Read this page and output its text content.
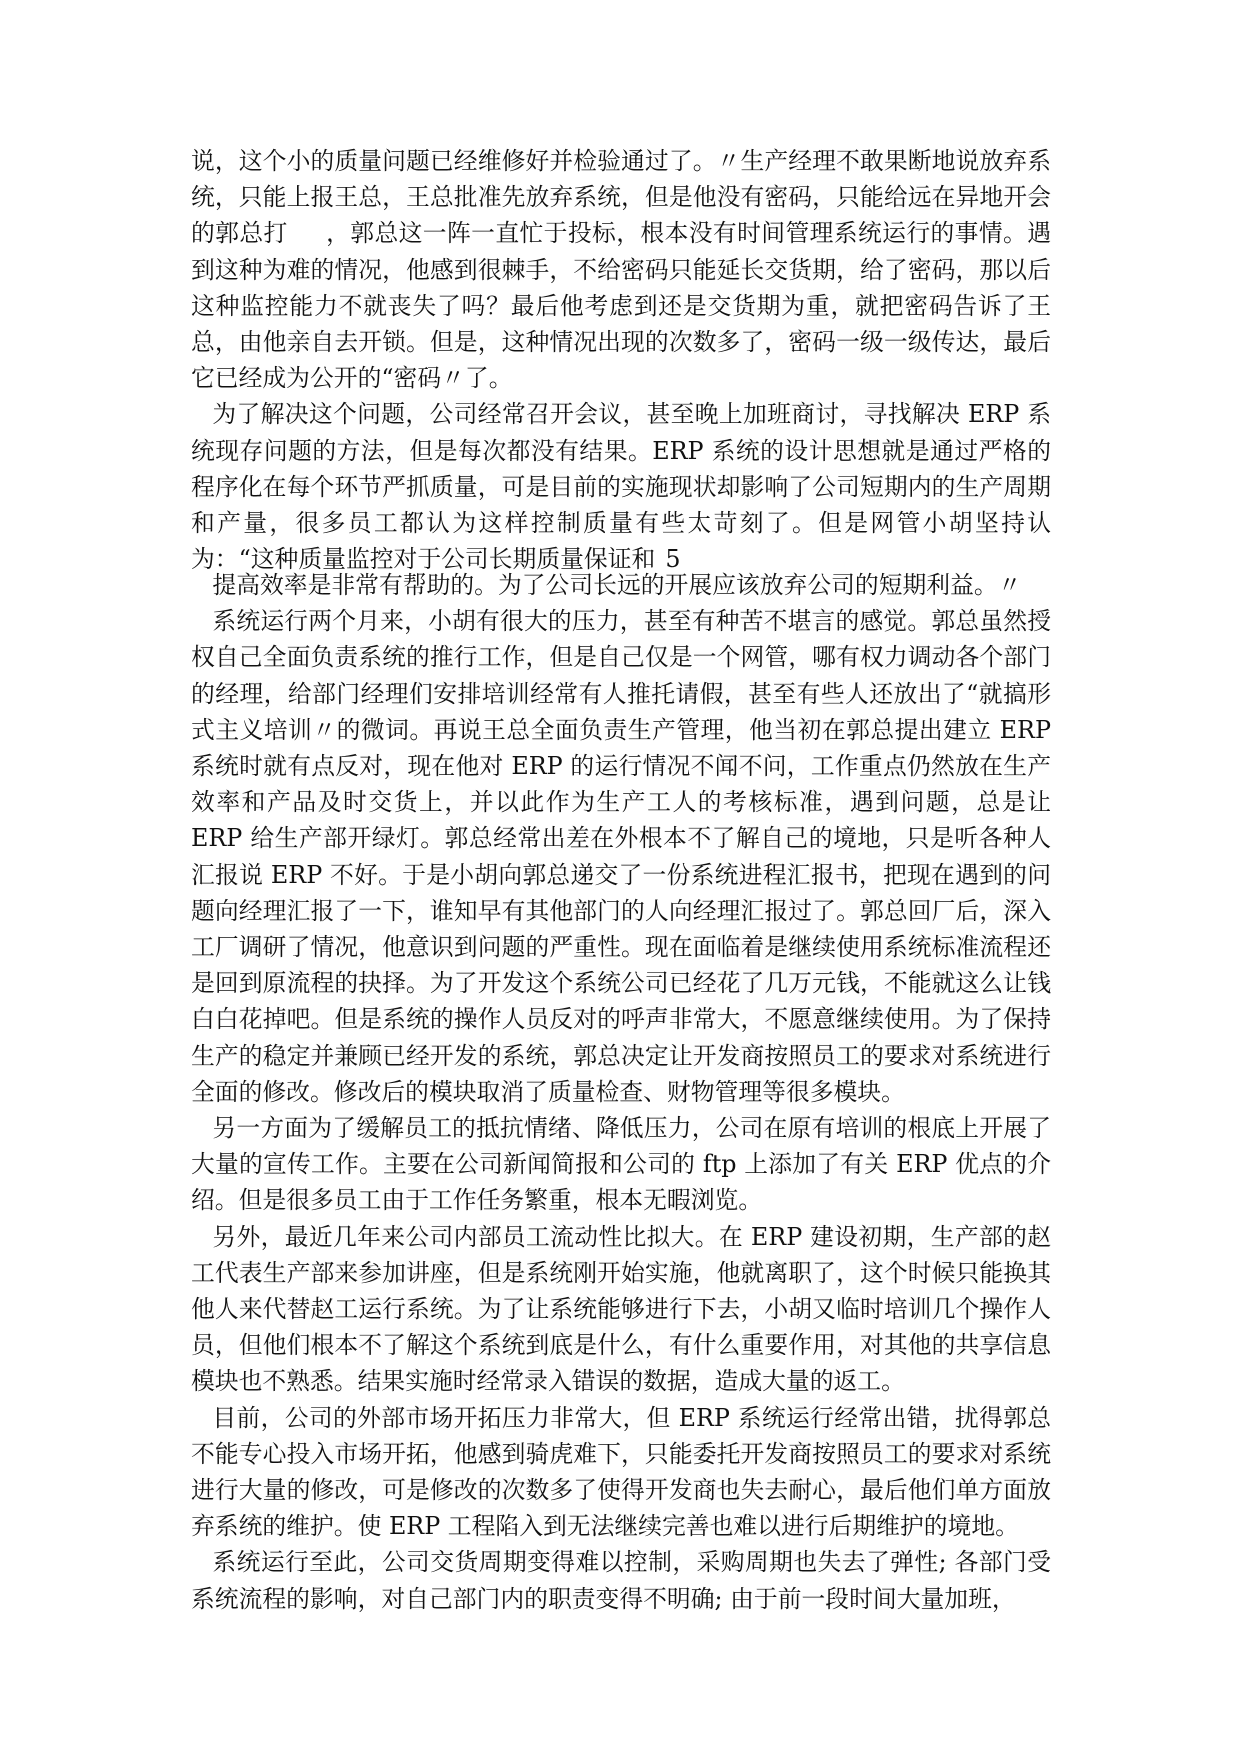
说，这个小的质量问题已经维修好并检验通过了。〃生产经理不敢果断地说放弃系统，只能上报王总，王总批准先放弃系统，但是他没有密码，只能给远在异地开会的郭总打 ，郭总这一阵一直忙于投标，根本没有时间管理系统运行的事情。遇到这种为难的情况，他感到很棘手，不给密码只能延长交货期，给了密码，那以后这种监控能力不就丧失了吗？最后他考虑到还是交货期为重，就把密码告诉了王总，由他亲自去开锁。但是，这种情况出现的次数多了，密码一级一级传达，最后它已经成为公开的“密码〃了。

为了解决这个问题，公司经常召开会议，甚至晚上加班商讨，寻找解决 ERP 系统现存问题的方法，但是每次都没有结果。ERP 系统的设计思想就是通过严格的程序化在每个环节严抓质量，可是目前的实施现状却影响了公司短期内的生产周期和产量，很多员工都认为这样控制质量有些太苛刻了。但是网管小胡坚持认为：“这种质量监控对于公司长期质量保证和 5

提高效率是非常有帮助的。为了公司长远的开展应该放弃公司的短期利益。〃

系统运行两个月来，小胡有很大的压力，甚至有种苦不堪言的感觉。郭总虽然授权自己全面负责系统的推行工作，但是自己仅是一个网管，哪有权力调动各个部门的经理，给部门经理们安排培训经常有人推托请假，甚至有些人还放出了“就搞形式主义培训〃的微词。再说王总全面负责生产管理，他当初在郭总提出建立 ERP 系统时就有点反对，现在他对 ERP 的运行情况不闻不问，工作重点仍然放在生产效率和产品及时交货上，并以此作为生产工人的考核标准，遇到问题，总是让 ERP 给生产部开绿灯。郭总经常出差在外根本不了解自己的境地，只是听各种人汇报说 ERP 不好。于是小胡向郭总递交了一份系统进程汇报书，把现在遇到的问题向经理汇报了一下，谁知早有其他部门的人向经理汇报过了。郭总回厂后，深入工厂调研了情况，他意识到问题的严重性。现在面临着是继续使用系统标准流程还是回到原流程的抉择。为了开发这个系统公司已经花了几万元钱，不能就这么让钱白白花掉吧。但是系统的操作人员反对的呼声非常大，不愿意继续使用。为了保持生产的稳定并兼顾已经开发的系统，郭总决定让开发商按照员工的要求对系统进行全面的修改。修改后的模块取消了质量检查、财物管理等很多模块。

另一方面为了缓解员工的抵抗情绪、降低压力，公司在原有培训的根底上开展了大量的宣传工作。主要在公司新闻简报和公司的 ftp 上添加了有关 ERP 优点的介绍。但是很多员工由于工作任务繁重，根本无暇浏览。

另外，最近几年来公司内部员工流动性比拟大。在 ERP 建设初期，生产部的赵工代表生产部来参加讲座，但是系统刚开始实施，他就离职了，这个时候只能换其他人来代替赵工运行系统。为了让系统能够进行下去，小胡又临时培训几个操作人员，但他们根本不了解这个系统到底是什么，有什么重要作用，对其他的共享信息模块也不熟悉。结果实施时经常录入错误的数据，造成大量的返工。

目前，公司的外部市场开拓压力非常大，但 ERP 系统运行经常出错，扰得郭总不能专心投入市场开拓，他感到骑虎难下，只能委托开发商按照员工的要求对系统进行大量的修改，可是修改的次数多了使得开发商也失去耐心，最后他们单方面放弃系统的维护。使 ERP 工程陷入到无法继续完善也难以进行后期维护的境地。

系统运行至此，公司交货周期变得难以控制，采购周期也失去了弹性; 各部门受系统流程的影响，对自己部门内的职责变得不明确; 由于前一段时间大量加班，
